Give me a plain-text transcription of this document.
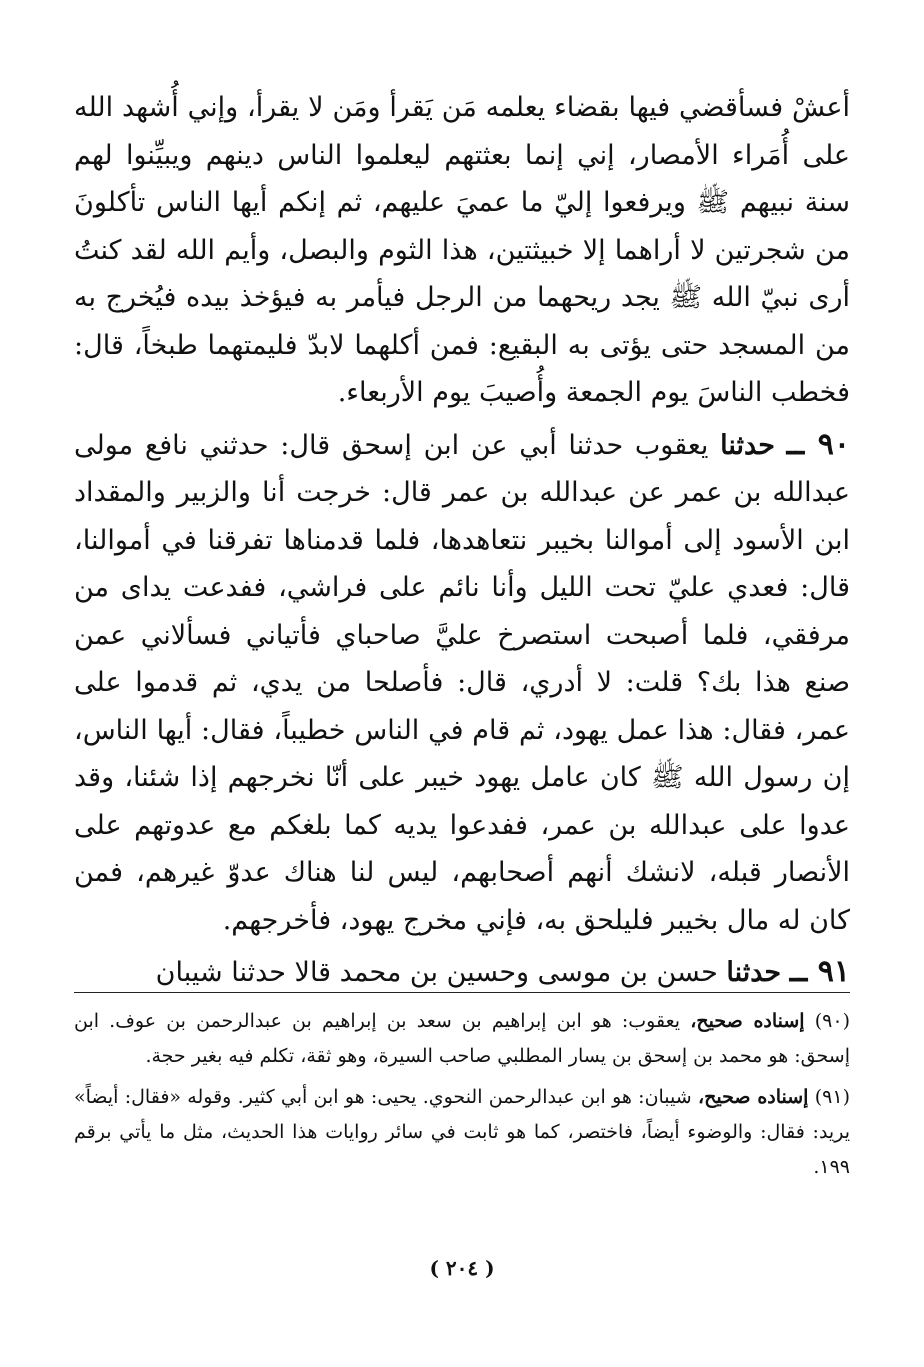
أعشْ فسأقضي فيها بقضاء يعلمه مَن يَقرأ ومَن لا يقرأ، وإني أُشهد الله على أُمَراء الأمصار، إني إنما بعثتهم ليعلموا الناس دينهم ويبيِّنوا لهم سنة نبيهم ﷺ ويرفعوا إليّ ما عميَ عليهم، ثم إنكم أيها الناس تأكلونَ من شجرتين لا أراهما إلا خبيثتين، هذا الثوم والبصل، وأيم الله لقد كنتُ أرى نبيّ الله ﷺ يجد ريحهما من الرجل فيأمر به فيؤخذ بيده فيُخرج به من المسجد حتى يؤتى به البقيع: فمن أكلهما لابدّ فليمتهما طبخاً، قال: فخطب الناسَ يوم الجمعة وأُصيبَ يوم الأربعاء.

٩٠ ــ حدثنا يعقوب حدثنا أبي عن ابن إسحق قال: حدثني نافع مولى عبدالله بن عمر عن عبدالله بن عمر قال: خرجت أنا والزبير والمقداد ابن الأسود إلى أموالنا بخيبر نتعاهدها، فلما قدمناها تفرقنا في أموالنا، قال: فعدي عليّ تحت الليل وأنا نائم على فراشي، ففدعت يداى من مرفقي، فلما أصبحت استصرخ عليَّ صاحباي فأتياني فسألاني عمن صنع هذا بك؟ قلت: لا أدري، قال: فأصلحا من يدي، ثم قدموا على عمر، فقال: هذا عمل يهود، ثم قام في الناس خطيباً، فقال: أيها الناس، إن رسول الله ﷺ كان عامل يهود خيبر على أنّا نخرجهم إذا شئنا، وقد عدوا على عبدالله بن عمر، ففدعوا يديه كما بلغكم مع عدوتهم على الأنصار قبله، لانشك أنهم أصحابهم، ليس لنا هناك عدوّ غيرهم، فمن كان له مال بخيبر فليلحق به، فإني مخرج يهود، فأخرجهم.

٩١ ــ حدثنا حسن بن موسى وحسين بن محمد قالا حدثنا شيبان

(٩٠) إسناده صحيح، يعقوب: هو ابن إبراهيم بن سعد بن إبراهيم بن عبدالرحمن بن عوف. ابن إسحق: هو محمد بن إسحق بن يسار المطلبي صاحب السيرة، وهو ثقة، تكلم فيه بغير حجة.

(٩١) إسناده صحيح، شيبان: هو ابن عبدالرحمن النحوي. يحيى: هو ابن أبي كثير. وقوله «فقال: أيضاً» يريد: فقال: والوضوء أيضاً، فاختصر، كما هو ثابت في سائر روايات هذا الحديث، مثل ما يأتي برقم ١٩٩.

( ٢٠٤ )
